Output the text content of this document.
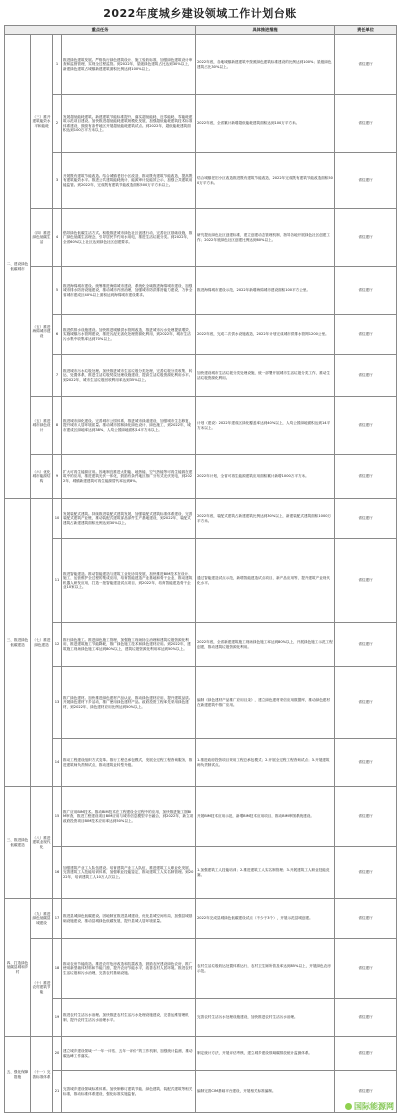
2022年度城乡建设领域工作计划台账
重点任务				具体推进措施	责任单位
二、建设绿色低碳城市	（三）推开建筑能效水平和能耗	1	推进绿色建筑发展。严格执行绿色建筑设计、施工验收标准，加强绿色建筑设计审查和监督管理，实现全过程监管。到2022年，星级绿色建筑占比达到30%以上，新建绿色建筑占城镇新建建筑面积比例达到100%以上。	2022年底，各地城镇新建建筑中按照绿色建筑标准建设的比例达到100%；星级绿色建筑占比30%以上。	省住建厅
		2	发展超低能耗建筑。新建建筑节能标准提升，落实超低能耗、近零能耗、零能耗建筑示范项目建设。加快推进超低能耗建筑规模化发展，加强超低能耗建筑技术标准体系建设，鼓励有条件地区开展超低能耗建筑试点。到2022年，超低能耗建筑面积达到100万平方米以上。	2022年底，全省累计新增超低能耗建筑面积达到100万平方米。	省住建厅
		3	开展既有建筑节能改造。结合城镇老旧小区改造，推动既有建筑节能改造，提高既有建筑能效水平。推进公共建筑能耗统计、能源审计及能效公示，加强公共建筑用能监管。到2022年，完成既有建筑节能改造面积500万平方米以上。	结合城镇老旧小区改造推进既有建筑节能改造，2022年完成既有建筑节能改造面积500万平方米。	省住建厅
	（四）推进绿色低碳生活	4	倡导绿色低碳生活方式。积极推进城市绿色社区创建行动，完善社区基础设施，推广绿色低碳生活理念，引导居民节约用水用电，推进生活垃圾分类。到2022年，全省60%以上社区达到绿色社区创建要求。	研究提出绿色社区创建标准，建立创建动态管理机制，指导各地开展绿色社区创建工作；2022年底绿色社区创建比例达到60%以上。	省住建厅
	（五）推进海绵城市建设	5	推进海绵城市建设。统筹推进海绵城市建设，系统化全域推进海绵城市建设，加强城市排水防涝设施建设，推动城市内涝治理，加强城市防洪排涝能力建设，力争全省城市建成区40%以上面积达到海绵城市建设要求。	推进海绵城市建设示范，2022年新增海绵城市建设面积100平方公里。	省住建厅
		6	推进供排水设施建设。加快推进城镇供水管网改造，推进城市污水处理提质增效，实施城镇污水管网建设，推进污泥无害化处理资源化利用，到2022年，城市生活污水集中收集率达到70%以上。	2022年底，完成二次供水设施改造，2022年计划完成城市供排水管网1200公里。	省住建厅
		7	推进城市污水垃圾处理。加快推进城市生活垃圾分类处理，完善垃圾分类收集、转运、处置体系，推进生活垃圾焚烧处理设施建设，提高生活垃圾资源化利用水平。到2022年，城市生活垃圾回收利用率达到35%以上。	加快建设城市生活垃圾分类处理设施，统一部署开展城市生活垃圾分类工作，推动生活垃圾资源化利用。	省住建厅
	（五）推进城市绿色设计	8	推进城市绿化建设。完善城市公园体系，推进城市绿道建设，加强城市生态修复，提升城市人居环境质量。推动城市园林绿化绿色设计、绿色施工，到2022年，城市建成区绿地率达到38%，人均公园绿地面积14平方米以上。	计划（建设）2022年建成区绿化覆盖率达到40%以上，人均公园绿地面积达到14平方米以上。	省住建厅
	（六）优化城市能源结构	9	扩大可再生能源应用。因地制宜推进太阳能、地热能、空气热能等可再生能源在建筑中的应用，推进建筑光伏一体化，鼓励有条件地区推广分布式光伏发电，到2022年，城镇新建建筑可再生能源替代率达到8%。	2022年计划，全省可再生能源建筑应用面积累计新增1000万平方米。	省住建厅
三、推进绿色低碳建造	（七）推进绿色建造	10	发展装配式建筑。持续推进装配式建筑发展，加强装配式建筑标准体系建设，完善装配式建筑产业链，推动装配式建筑部品部件生产基地建设，到2022年，装配式建筑占新建建筑面积比例达到30%以上。	2022年底，装配式建筑占新建建筑比例达到30%以上，新建装配式建筑面积1000万平方米。	省住建厅
		11	推进智能建造。推动智能建造与建筑工业化协同发展，加快推进BIM技术在设计、施工、运营维护全过程的集成应用，培育智能建造产业基地和骨干企业，推动建筑机器人研发应用，打造一批智能建造试点项目，到2022年，培育智能建造骨干企业10家以上。	通过智能建造试点示范，新增智能建造试点项目，新产品应用等，提升建筑产业现代化水平。	省住建厅
		12	推行绿色施工。推进绿色施工管理，加强施工现场扬尘治理和建筑垃圾资源化利用，推进建筑施工节能降耗，推广绿色施工技术和绿色建材应用。到2022年，建筑施工现场绿色施工率达到80%以上，建筑垃圾资源化利用率达到50%以上。	2022年底，全省新建建筑施工现场绿色施工率达到80%以上，开展绿色施工示范工程创建，推动建筑垃圾资源化利用。	省住建厅
		13	推广绿色建材。加快推进绿色建材产品认证，推动绿色建材应用，提升建筑品质。开展绿色建材下乡活动，推广使用绿色建材产品。政府投资工程率先采用绿色建材，到2022年，绿色建材应用比例达到50%以上。	编制《绿色建材产品推广应用目录》，建立绿色建材采信应用数据库，推动绿色建材在新建建筑中推广应用。	省住建厅
		14	推动工程建设组织方式变革。推行工程总承包模式，发展全过程工程咨询服务，推进建筑师负责制试点，推动建筑业转型升级。	1.推进政府投资项目采用工程总承包模式；2.开展全过程工程咨询试点；3.开展建筑师负责制试点。	省住建厅
三、推进绿色低碳建造	（八）推进建筑业现代化	15	推广应用BIM技术。推动BIM技术在工程建设全过程中的应用，加快推进施工图BIM审查，推进工程建设项目BIM应用与城市信息模型平台融合，到2022年，新立项政府投资项目BIM技术应用率达到50%以上。	开展BIM技术应用示范，新增BIM技术应用项目，推动BIM审图系统建设。	省住建厅
		16	加强建筑产业工人队伍建设。培育建筑产业工人队伍，推进建筑工人职业化发展，完善建筑工人技能培训体系，加强职业技能鉴定，推动建筑工人实名制管理。到2022年，培训建筑工人10万人次以上。	1.加强建筑工人技能培训；2.推进建筑工人实名制管理；3.开展建筑工人职业技能竞赛。	省住建厅
四、打造绿色低碳县城和乡村	（九）推进绿色低碳县城建设	17	推进县城绿色低碳建设。因地制宜推进县城建设，优化县城空间布局，加强县城基础设施建设，推动县城绿色低碳发展，提升县城人居环境质量。	2022年完成县城绿色低碳建设试点（不少于3个），开展示范县城创建。	省住建厅
	（十）推进农村建筑节能	18	推动农房节能改造。推进农村危房改造和抗震改造，鼓励农民建设绿色农房，推广使用新型墙体材料和节能门窗，提升农房节能水平，改善农村人居环境。推进农村生活垃圾和污水治理，完善农村基础设施。	农村生活垃圾收运处置体系运行，农村卫生厕所普及率达到85%以上，开展绿色农房示范。	省住建厅
		19	推进农村生活污水治理。加快推进农村生活污水处理设施建设，完善运维管理机制，提升农村生活污水治理水平。	完善农村生活污水处理设施建设，加快推进农村生活污水治理。	省住建厅
五、强化保障措施	（十一）完善标准体系	20	建立城乡建设领域一“一年一评估、五年一评价”的工作机制，加强统计监测，推动碳达峰工作落实。	制定统计方法，开展评估考核，建立城乡建设领域碳排放统计监测体系。	省住建厅
		21	完善城乡建设领域标准体系。加快制修订建筑节能、绿色建筑、装配式建筑等相关标准，推动标准体系建设，强化标准实施监督。	编制完善CIM基础平台建设，开展相关标准编制。	省住建厅
国际能源网
